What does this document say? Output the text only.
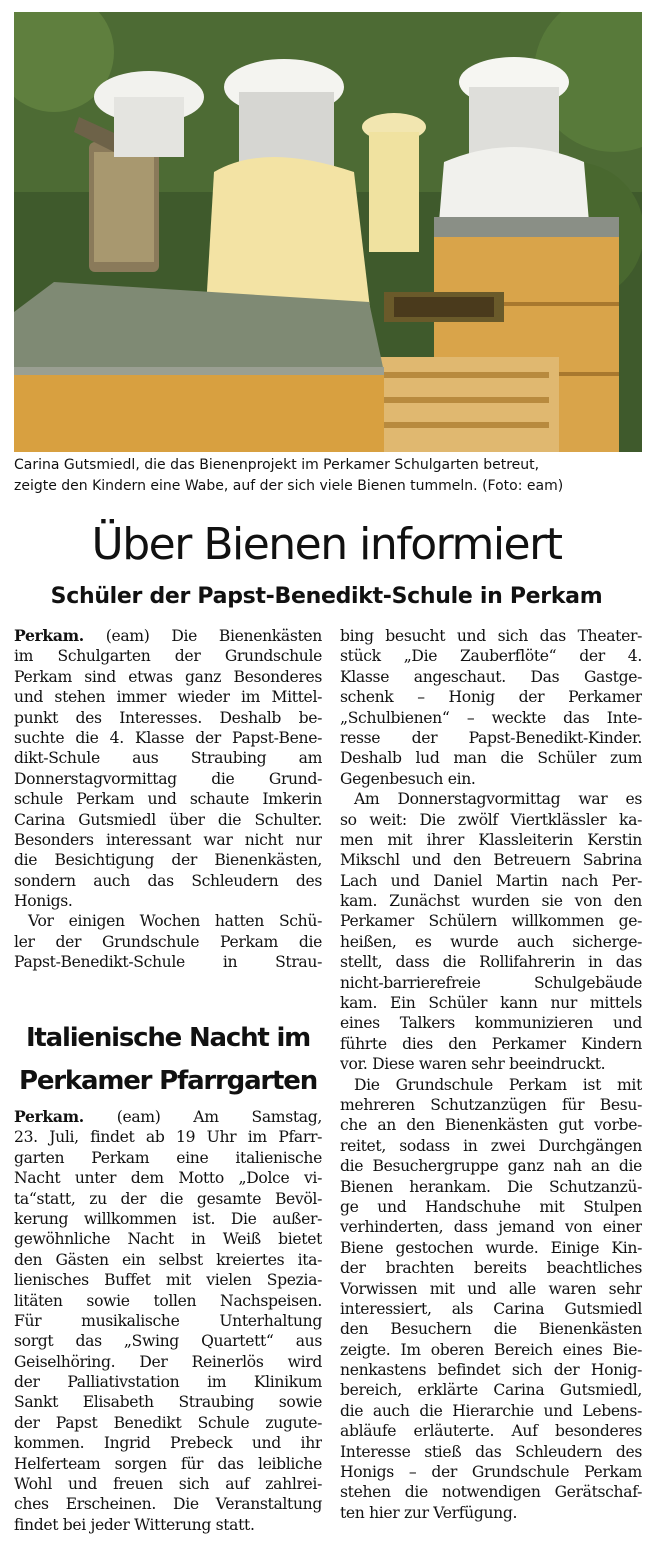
Carina Gutsmiedl, die das Bienenprojekt im Perkamer Schulgarten betreut,
zeigte den Kindern eine Wabe, auf der sich viele Bienen tummeln. (Foto: eam)
Über Bienen informiert
Schüler der Papst-Benedikt-Schule in Perkam
Perkam. (eam) Die Bienenkästen
im Schulgarten der Grundschule
Perkam sind etwas ganz Besonderes
und stehen immer wieder im Mittel-
punkt des Interesses. Deshalb be-
suchte die 4. Klasse der Papst-Bene-
dikt-Schule aus Straubing am
Donnerstagvormittag die Grund-
schule Perkam und schaute Imkerin
Carina Gutsmiedl über die Schulter.
Besonders interessant war nicht nur
die Besichtigung der Bienenkästen,
sondern auch das Schleudern des
Honigs.
Vor einigen Wochen hatten Schü-
ler der Grundschule Perkam die
Papst-Benedikt-Schule in Strau-
bing besucht und sich das Theater-
stück „Die Zauberflöte“ der 4.
Klasse angeschaut. Das Gastge-
schenk – Honig der Perkamer
„Schulbienen“ – weckte das Inte-
resse der Papst-Benedikt-Kinder.
Deshalb lud man die Schüler zum
Gegenbesuch ein.
Am Donnerstagvormittag war es
so weit: Die zwölf Viertklässler ka-
men mit ihrer Klassleiterin Kerstin
Mikschl und den Betreuern Sabrina
Lach und Daniel Martin nach Per-
kam. Zunächst wurden sie von den
Perkamer Schülern willkommen ge-
heißen, es wurde auch sicherge-
stellt, dass die Rollifahrerin in das
nicht-barrierefreie Schulgebäude
kam. Ein Schüler kann nur mittels
eines Talkers kommunizieren und
führte dies den Perkamer Kindern
vor. Diese waren sehr beeindruckt.
Die Grundschule Perkam ist mit
mehreren Schutzanzügen für Besu-
che an den Bienenkästen gut vorbe-
reitet, sodass in zwei Durchgängen
die Besuchergruppe ganz nah an die
Bienen herankam. Die Schutzanzü-
ge und Handschuhe mit Stulpen
verhinderten, dass jemand von einer
Biene gestochen wurde. Einige Kin-
der brachten bereits beachtliches
Vorwissen mit und alle waren sehr
interessiert, als Carina Gutsmiedl
den Besuchern die Bienenkästen
zeigte. Im oberen Bereich eines Bie-
nenkastens befindet sich der Honig-
bereich, erklärte Carina Gutsmiedl,
die auch die Hierarchie und Lebens-
abläufe erläuterte. Auf besonderes
Interesse stieß das Schleudern des
Honigs – der Grundschule Perkam
stehen die notwendigen Gerätschaf-
ten hier zur Verfügung.
Italienische Nacht im
Perkamer Pfarrgarten
Perkam. (eam) Am Samstag,
23. Juli, findet ab 19 Uhr im Pfarr-
garten Perkam eine italienische
Nacht unter dem Motto „Dolce vi-
ta“statt, zu der die gesamte Bevöl-
kerung willkommen ist. Die außer-
gewöhnliche Nacht in Weiß bietet
den Gästen ein selbst kreiertes ita-
lienisches Buffet mit vielen Spezia-
litäten sowie tollen Nachspeisen.
Für musikalische Unterhaltung
sorgt das „Swing Quartett“ aus
Geiselhöring. Der Reinerlös wird
der Palliativstation im Klinikum
Sankt Elisabeth Straubing sowie
der Papst Benedikt Schule zugute-
kommen. Ingrid Prebeck und ihr
Helferteam sorgen für das leibliche
Wohl und freuen sich auf zahlrei-
ches Erscheinen. Die Veranstaltung
findet bei jeder Witterung statt.
